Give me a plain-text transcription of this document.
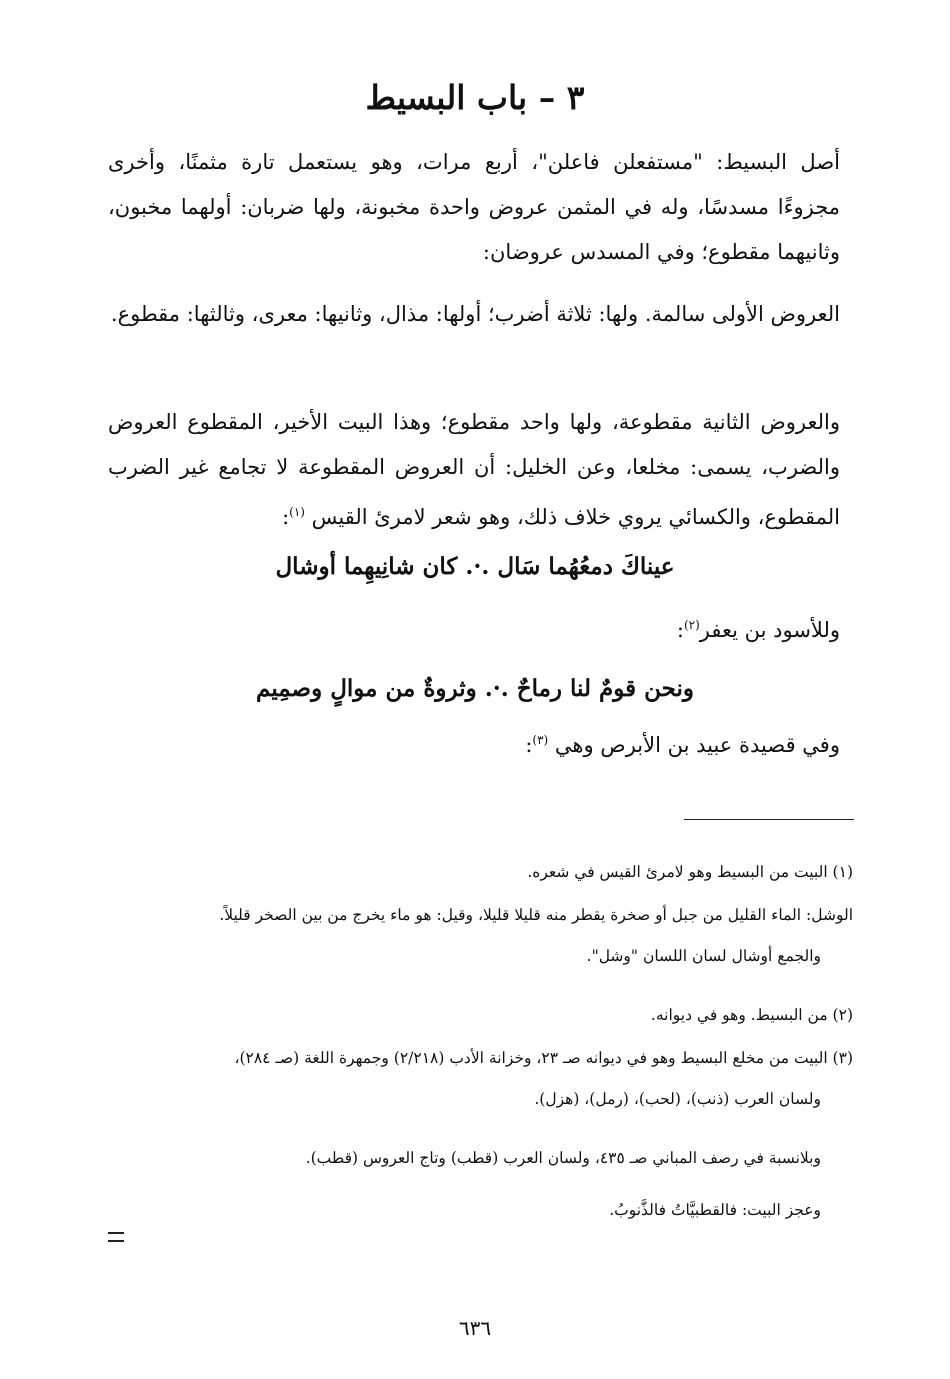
٣ – باب البسيط

أصل البسيط: "مستفعلن فاعلن"، أربع مرات، وهو يستعمل تارة مثمنًا، وأخرى مجزوءًا مسدسًا، وله في المثمن عروض واحدة مخبونة، ولها ضربان: أولهما مخبون، وثانيهما مقطوع؛ وفي المسدس عروضان:

العروض الأولى سالمة. ولها: ثلاثة أضرب؛ أولها: مذال، وثانيها: معرى، وثالثها: مقطوع.

والعروض الثانية مقطوعة، ولها واحد مقطوع؛ وهذا البيت الأخير، المقطوع العروض والضرب، يسمى: مخلعا، وعن الخليل: أن العروض المقطوعة لا تجامع غير الضرب المقطوع، والكسائي يروي خلاف ذلك، وهو شعر لامرئ القيس $^{(١)}$:

عيناكَ دمعُهُما سَال .·. كان شانِيهِما أوشال
وللأسود بن يعفر$^{(٢)}$:
ونحن قومٌ لنا رماحٌ .·. وثروةٌ من موالٍ وصمِيم
وفي قصيدة عبيد بن الأبرص وهي $^{(٣)}$:
(١) البيت من البسيط وهو لامرئ القيس في شعره.
الوشل: الماء القليل من جبل أو صخرة يقطر منه قليلا قليلا، وقيل: هو ماء يخرج من بين الصخر قليلاً.
والجمع أوشال لسان اللسان "وشل".
(٢) من البسيط. وهو في ديوانه.
(٣) البيت من مخلع البسيط وهو في ديوانه صـ ٢٣، وخزانة الأدب (٢/٢١٨) وجمهرة اللغة (صـ ٢٨٤)،
ولسان العرب (ذنب)، (لحب)، (رمل)، (هزل).
وبلانسبة في رصف المباني صـ ٤٣٥، ولسان العرب (قطب) وتاج العروس (قطب).
وعجز البيت: فالقطبيَّاتُ فالذَّنوبُ.
٦٣٦
